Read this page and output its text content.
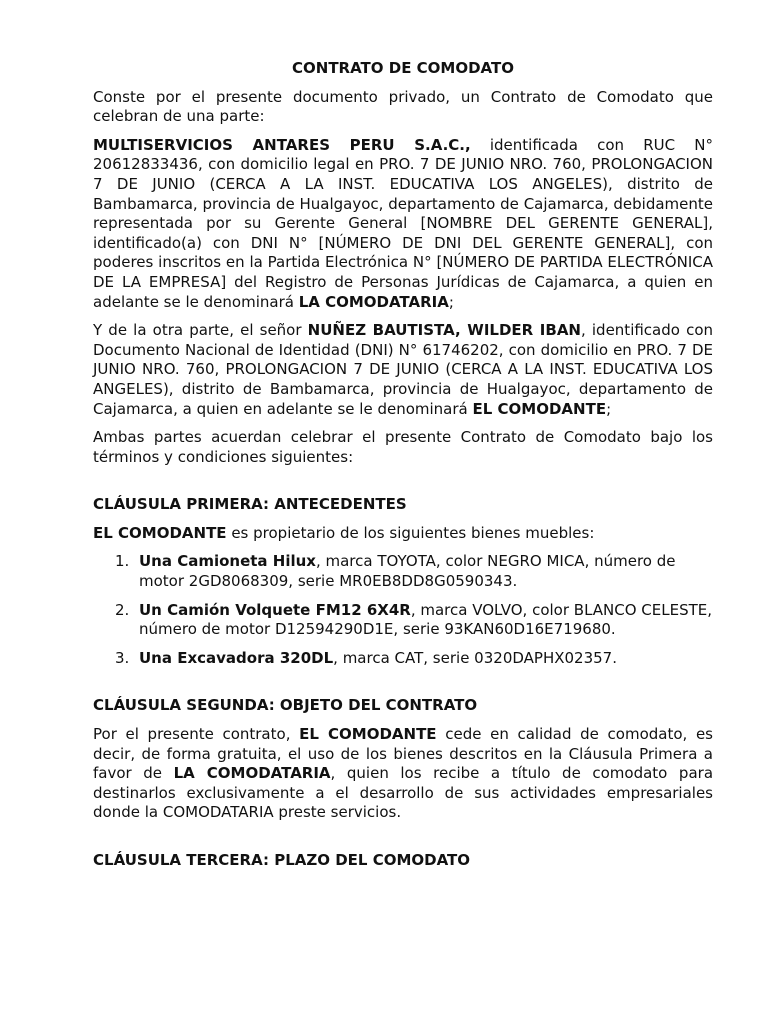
CONTRATO DE COMODATO

Conste por el presente documento privado, un Contrato de Comodato que celebran de una parte:

MULTISERVICIOS ANTARES PERU S.A.C., identificada con RUC N° 20612833436, con domicilio legal en PRO. 7 DE JUNIO NRO. 760, PROLONGACION 7 DE JUNIO (CERCA A LA INST. EDUCATIVA LOS ANGELES), distrito de Bambamarca, provincia de Hualgayoc, departamento de Cajamarca, debidamente representada por su Gerente General [NOMBRE DEL GERENTE GENERAL], identificado(a) con DNI N° [NÚMERO DE DNI DEL GERENTE GENERAL], con poderes inscritos en la Partida Electrónica N° [NÚMERO DE PARTIDA ELECTRÓNICA DE LA EMPRESA] del Registro de Personas Jurídicas de Cajamarca, a quien en adelante se le denominará LA COMODATARIA;

Y de la otra parte, el señor NUÑEZ BAUTISTA, WILDER IBAN, identificado con Documento Nacional de Identidad (DNI) N° 61746202, con domicilio en PRO. 7 DE JUNIO NRO. 760, PROLONGACION 7 DE JUNIO (CERCA A LA INST. EDUCATIVA LOS ANGELES), distrito de Bambamarca, provincia de Hualgayoc, departamento de Cajamarca, a quien en adelante se le denominará EL COMODANTE;

Ambas partes acuerdan celebrar el presente Contrato de Comodato bajo los términos y condiciones siguientes:

CLÁUSULA PRIMERA: ANTECEDENTES

EL COMODANTE es propietario de los siguientes bienes muebles:

1. Una Camioneta Hilux, marca TOYOTA, color NEGRO MICA, número de motor 2GD8068309, serie MR0EB8DD8G0590343.
2. Un Camión Volquete FM12 6X4R, marca VOLVO, color BLANCO CELESTE, número de motor D12594290D1E, serie 93KAN60D16E719680.
3. Una Excavadora 320DL, marca CAT, serie 0320DAPHX02357.
CLÁUSULA SEGUNDA: OBJETO DEL CONTRATO

Por el presente contrato, EL COMODANTE cede en calidad de comodato, es decir, de forma gratuita, el uso de los bienes descritos en la Cláusula Primera a favor de LA COMODATARIA, quien los recibe a título de comodato para destinarlos exclusivamente a el desarrollo de sus actividades empresariales donde la COMODATARIA preste servicios.

CLÁUSULA TERCERA: PLAZO DEL COMODATO
